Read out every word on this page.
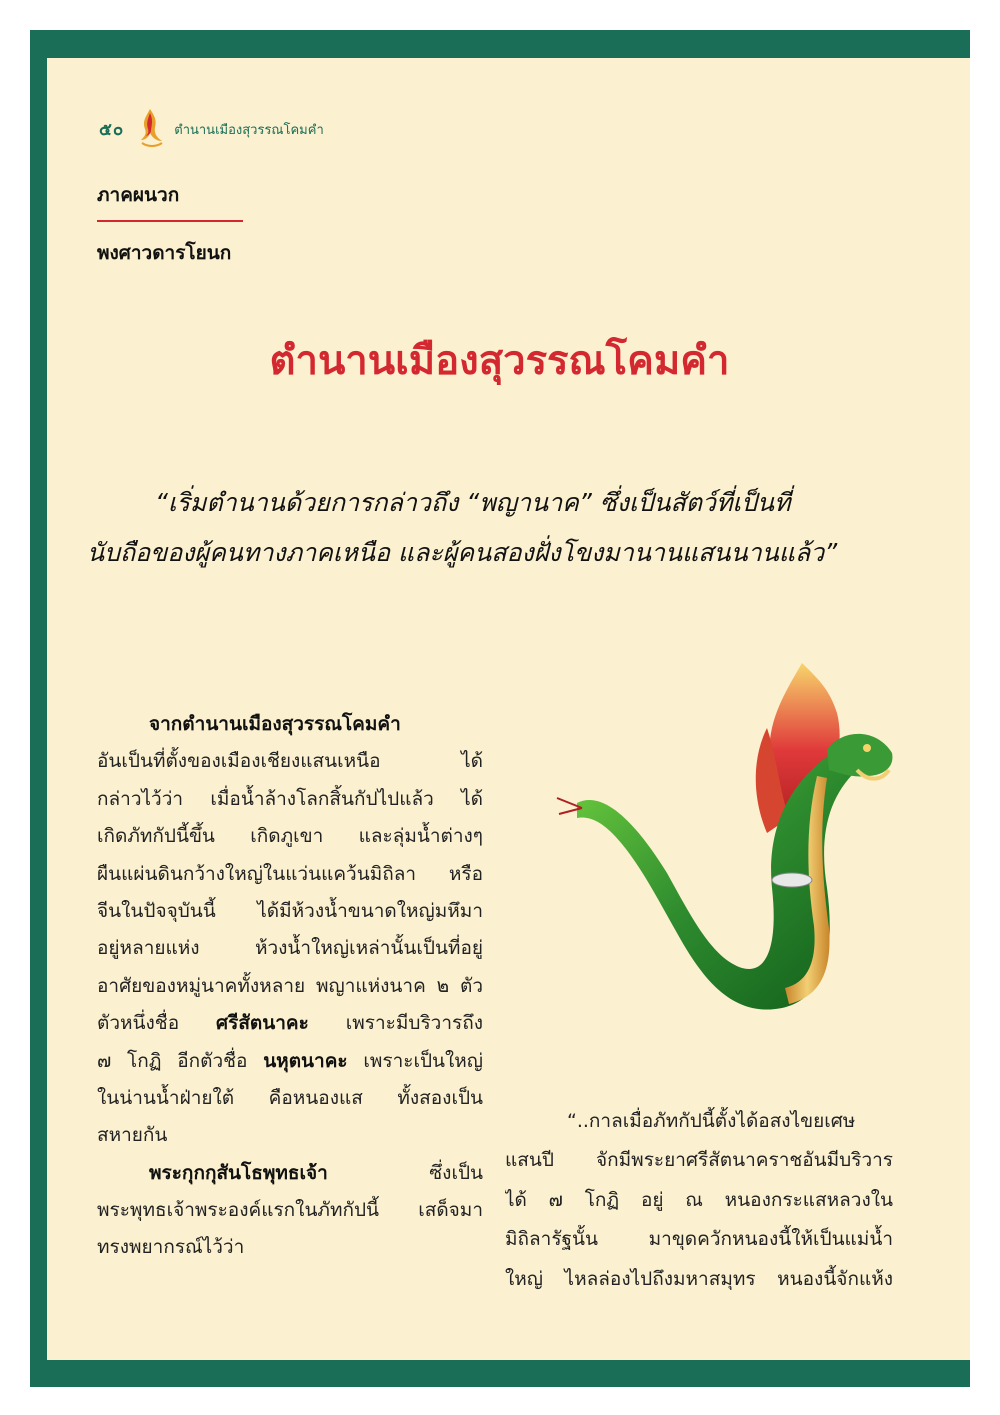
๕๐	ตำนานเมืองสุวรรณโคมคำ
ภาคผนวก
พงศาวดารโยนก
ตำนานเมืองสุวรรณโคมคำ
“เริ่มตำนานด้วยการกล่าวถึง “พญานาค” ซึ่งเป็นสัตว์ที่เป็นที่
นับถือของผู้คนทางภาคเหนือ และผู้คนสองฝั่งโขงมานานแสนนานแล้ว”
จากตำนานเมืองสุวรรณโคมคำ
อันเป็นที่ตั้งของเมืองเชียงแสนเหนือ ได้
กล่าวไว้ว่า เมื่อน้ำล้างโลกสิ้นกัปไปแล้ว ได้
เกิดภัทกัปนี้ขึ้น เกิดภูเขา และลุ่มน้ำต่างๆ
ผืนแผ่นดินกว้างใหญ่ในแว่นแคว้นมิถิลา หรือ
จีนในปัจจุบันนี้ ได้มีห้วงน้ำขนาดใหญ่มหึมา
อยู่หลายแห่ง ห้วงน้ำใหญ่เหล่านั้นเป็นที่อยู่
อาศัยของหมู่นาคทั้งหลาย พญาแห่งนาค ๒ ตัว
ตัวหนึ่งชื่อ ศรีสัตนาคะ เพราะมีบริวารถึง
๗ โกฏิ อีกตัวชื่อ นหุตนาคะ เพราะเป็นใหญ่
ในน่านน้ำฝ่ายใต้ คือหนองแส ทั้งสองเป็น
สหายกัน
พระกุกกุสันโธพุทธเจ้า ซึ่งเป็น
พระพุทธเจ้าพระองค์แรกในภัทกัปนี้ เสด็จมา
ทรงพยากรณ์ไว้ว่า
“..กาลเมื่อภัทกัปนี้ตั้งได้อสงไขยเศษ
แสนปี จักมีพระยาศรีสัตนาคราชอันมีบริวาร
ได้ ๗ โกฏิ อยู่ ณ หนองกระแสหลวงใน
มิถิลารัฐนั้น มาขุดควักหนองนี้ให้เป็นแม่น้ำ
ใหญ่ ไหลล่องไปถึงมหาสมุทร หนองนี้จักแห้ง
